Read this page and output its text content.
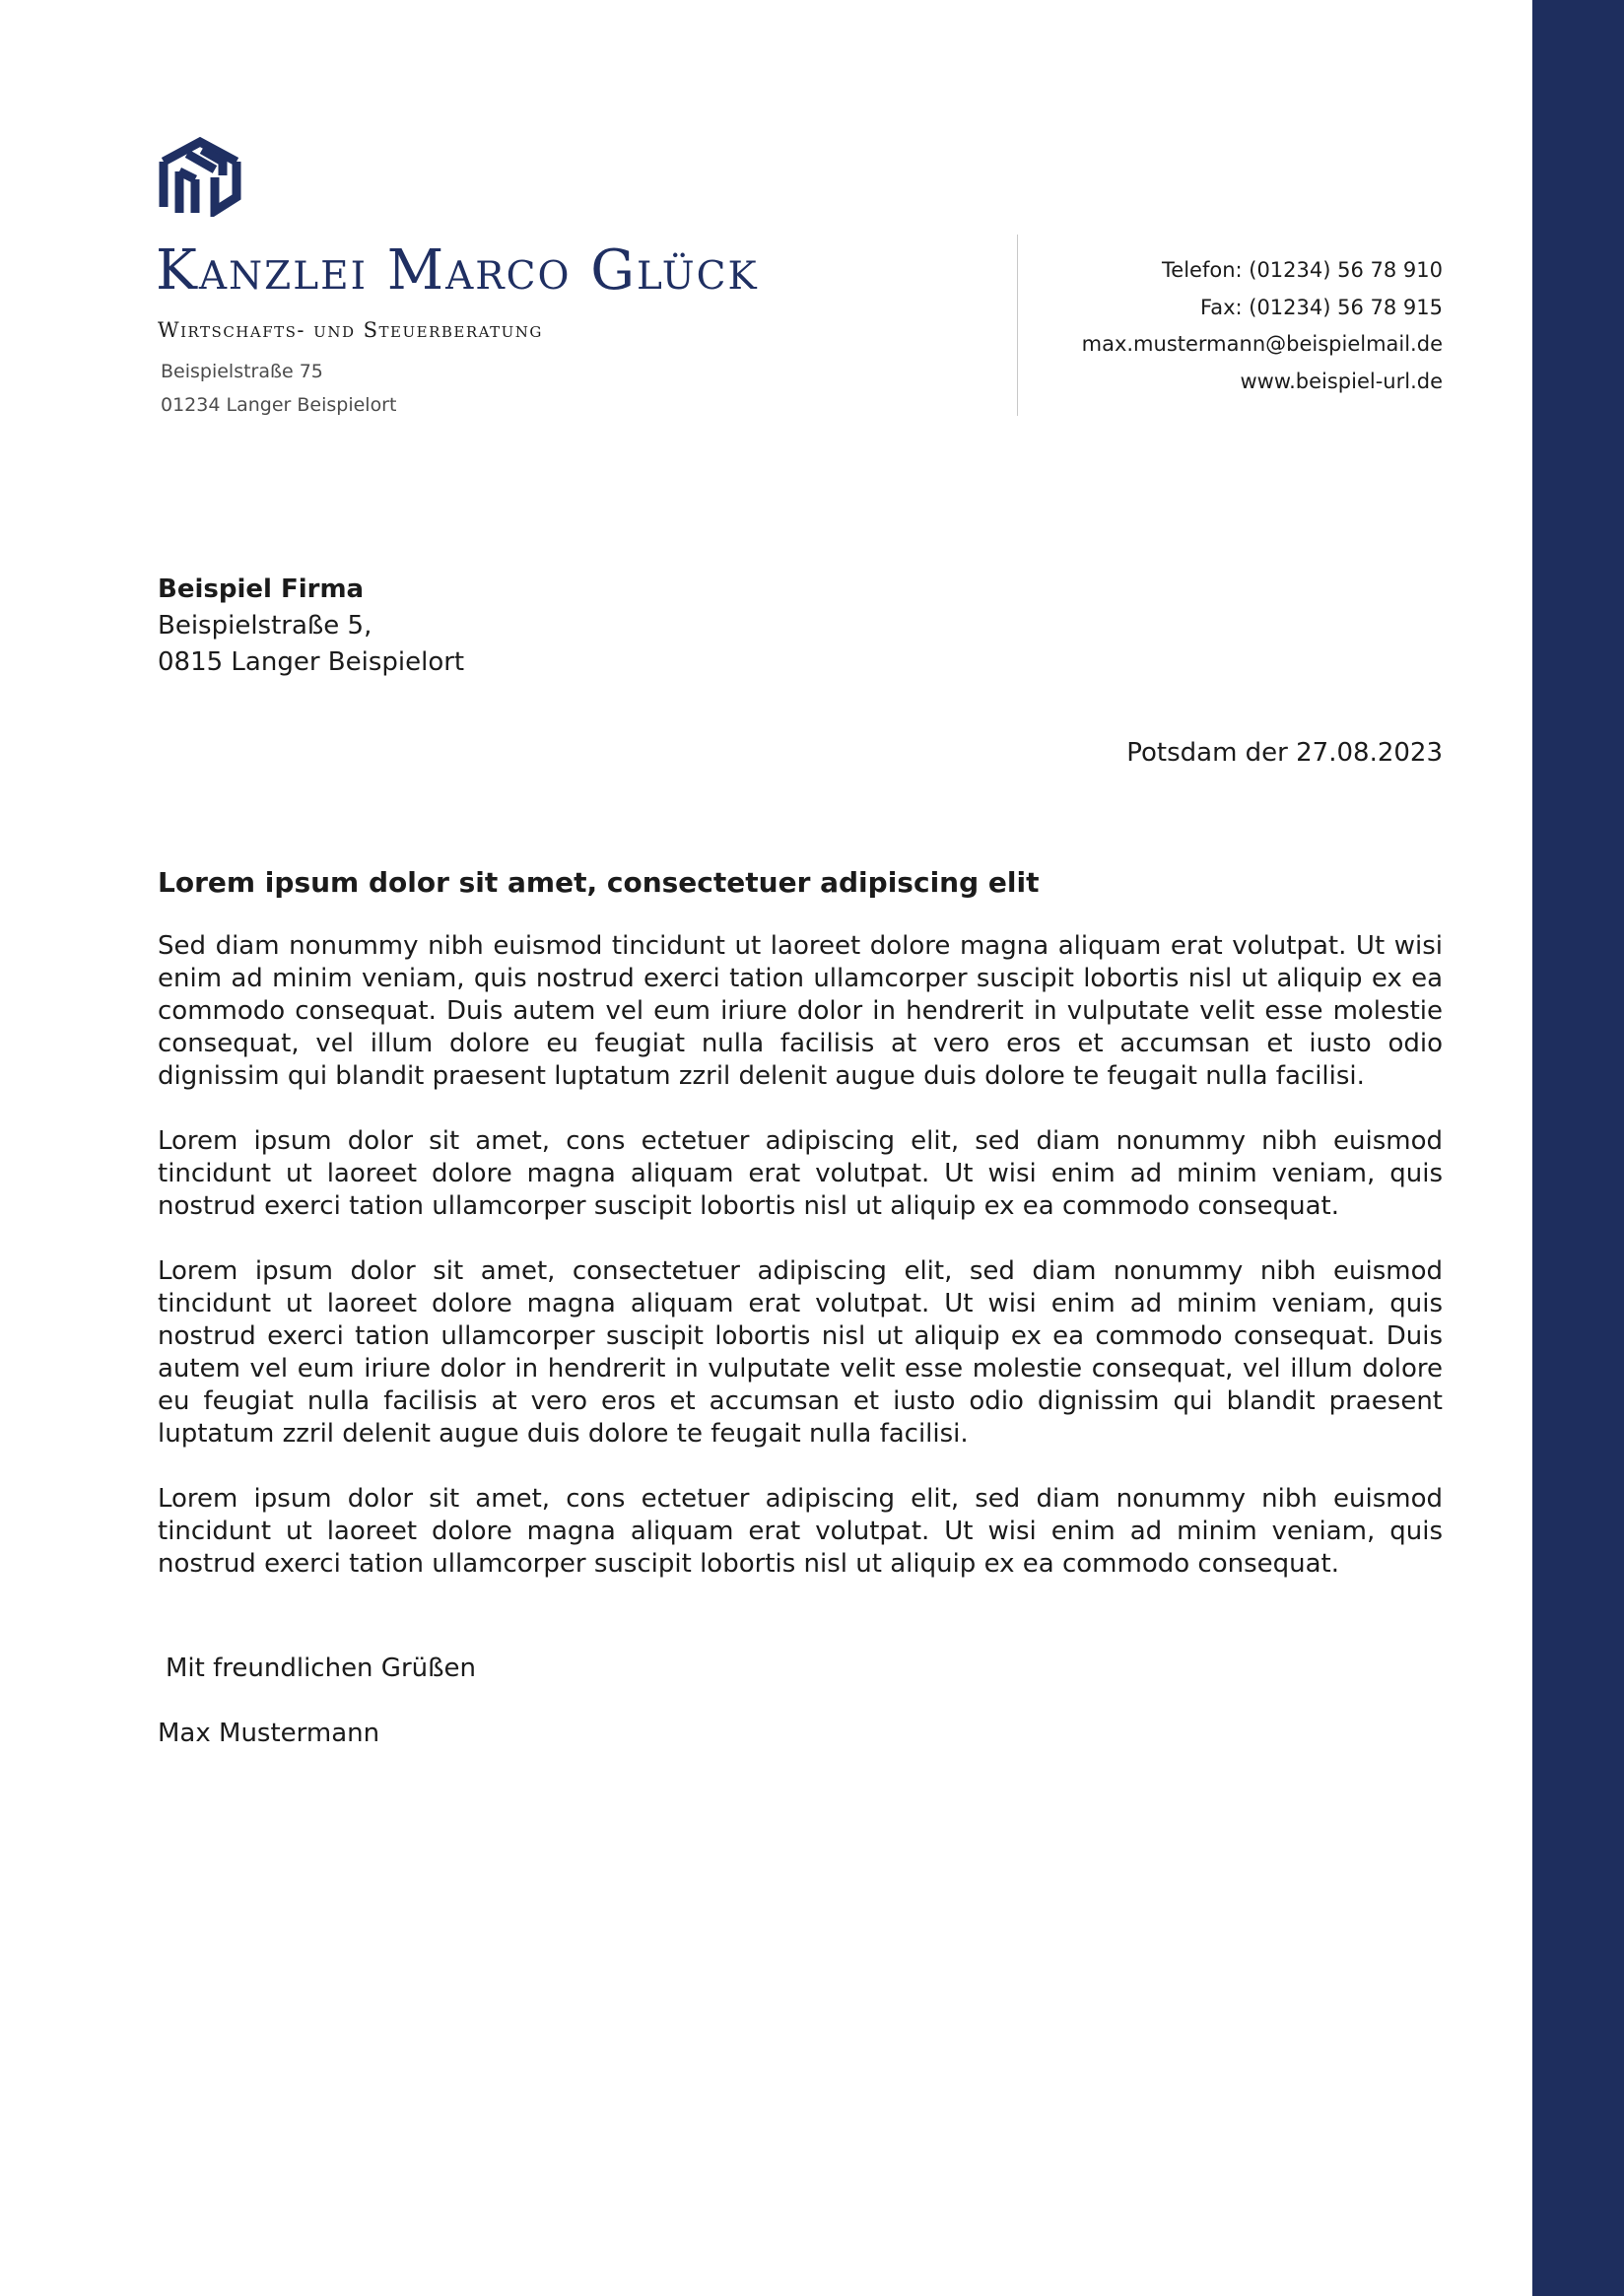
Kanzlei Marco Glück
Wirtschafts- und Steuerberatung
Beispielstraße 75
01234 Langer Beispielort
Telefon: (01234) 56 78 910
Fax: (01234) 56 78 915
max.mustermann@beispielmail.de
www.beispiel-url.de
Beispiel Firma
Beispielstraße 5,
0815 Langer Beispielort
Potsdam der 27.08.2023
Lorem ipsum dolor sit amet, consectetuer adipiscing elit

Sed diam nonummy nibh euismod tincidunt ut laoreet dolore magna aliquam erat volutpat. Ut wisi enim ad minim veniam, quis nostrud exerci tation ullamcorper suscipit lobortis nisl ut aliquip ex ea commodo consequat. Duis autem vel eum iriure dolor in hendrerit in vulputate velit esse molestie consequat, vel illum dolore eu feugiat nulla facilisis at vero eros et accumsan et iusto odio dignissim qui blandit praesent luptatum zzril delenit augue duis dolore te feugait nulla facilisi.

Lorem ipsum dolor sit amet, cons ectetuer adipiscing elit, sed diam nonummy nibh euismod tincidunt ut laoreet dolore magna aliquam erat volutpat. Ut wisi enim ad minim veniam, quis nostrud exerci tation ullamcorper suscipit lobortis nisl ut aliquip ex ea commodo consequat.

Lorem ipsum dolor sit amet, consectetuer adipiscing elit, sed diam nonummy nibh euismod tincidunt ut laoreet dolore magna aliquam erat volutpat. Ut wisi enim ad minim veniam, quis nostrud exerci tation ullamcorper suscipit lobortis nisl ut aliquip ex ea commodo consequat. Duis autem vel eum iriure dolor in hendrerit in vulputate velit esse molestie consequat, vel illum dolore eu feugiat nulla facilisis at vero eros et accumsan et iusto odio dignissim qui blandit praesent luptatum zzril delenit augue duis dolore te feugait nulla facilisi.

Lorem ipsum dolor sit amet, cons ectetuer adipiscing elit, sed diam nonummy nibh euismod tincidunt ut laoreet dolore magna aliquam erat volutpat. Ut wisi enim ad minim veniam, quis nostrud exerci tation ullamcorper suscipit lobortis nisl ut aliquip ex ea commodo consequat.

Mit freundlichen Grüßen
Max Mustermann
